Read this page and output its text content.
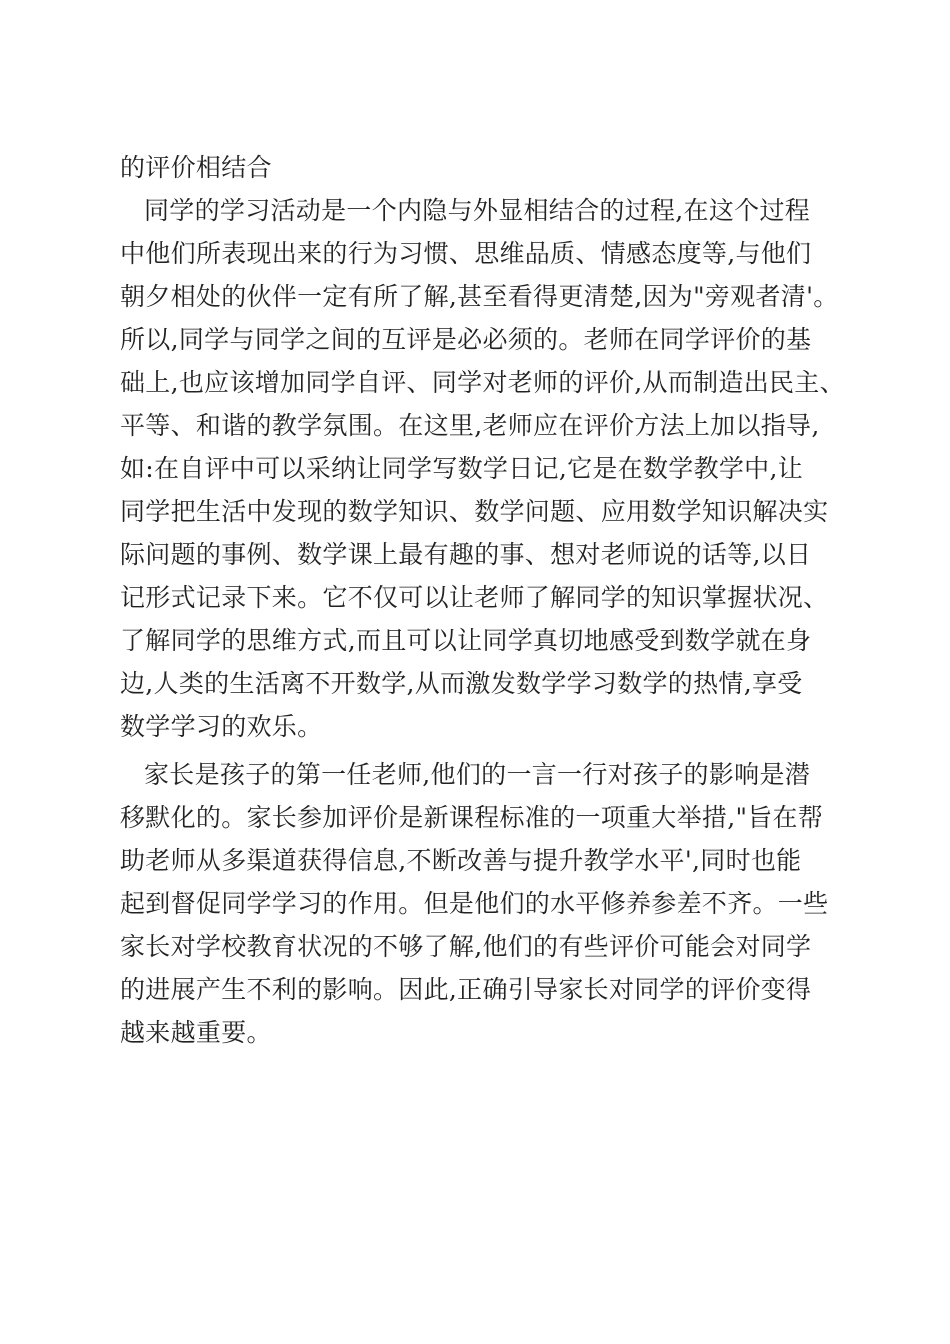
的评价相结合
同学的学习活动是一个内隐与外显相结合的过程,在这个过程
中他们所表现出来的行为习惯、思维品质、情感态度等,与他们
朝夕相处的伙伴一定有所了解,甚至看得更清楚,因为"旁观者清'。
所以,同学与同学之间的互评是必必须的。老师在同学评价的基
础上,也应该增加同学自评、同学对老师的评价,从而制造出民主、
平等、和谐的教学氛围。在这里,老师应在评价方法上加以指导,
如:在自评中可以采纳让同学写数学日记,它是在数学教学中,让
同学把生活中发现的数学知识、数学问题、应用数学知识解决实
际问题的事例、数学课上最有趣的事、想对老师说的话等,以日
记形式记录下来。它不仅可以让老师了解同学的知识掌握状况、
了解同学的思维方式,而且可以让同学真切地感受到数学就在身
边,人类的生活离不开数学,从而激发数学学习数学的热情,享受
数学学习的欢乐。
家长是孩子的第一任老师,他们的一言一行对孩子的影响是潜
移默化的。家长参加评价是新课程标准的一项重大举措,"旨在帮
助老师从多渠道获得信息,不断改善与提升教学水平',同时也能
起到督促同学学习的作用。但是他们的水平修养参差不齐。一些
家长对学校教育状况的不够了解,他们的有些评价可能会对同学
的进展产生不利的影响。因此,正确引导家长对同学的评价变得
越来越重要。
